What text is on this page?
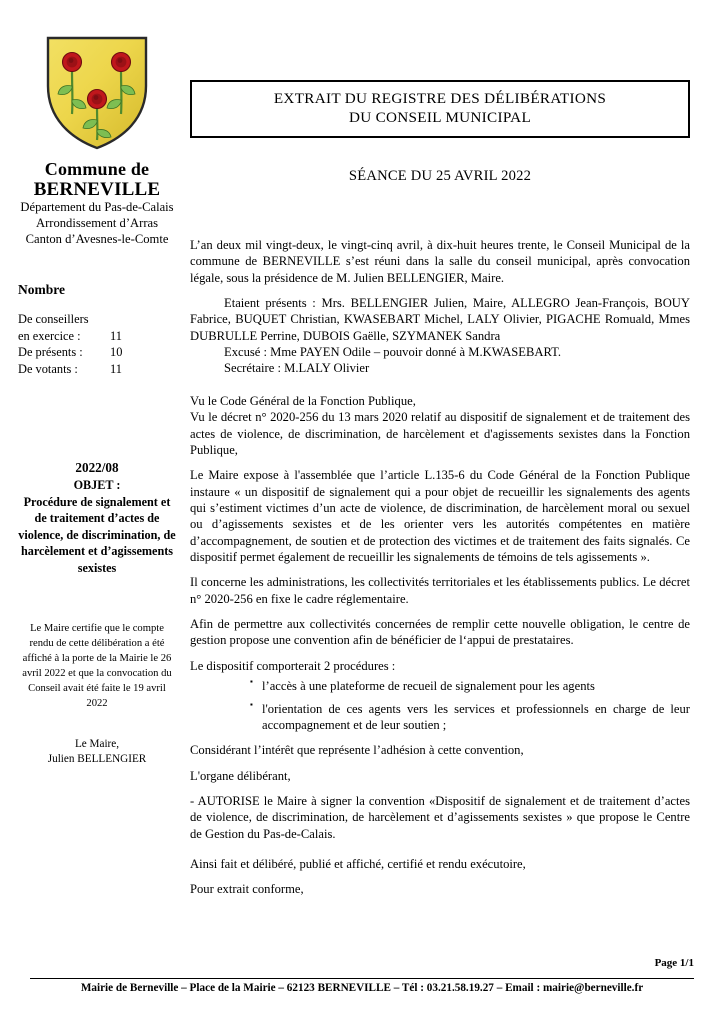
Commune de
BERNEVILLE
Département du Pas-de-Calais
Arrondissement d’Arras
Canton d’Avesnes-le-Comte
Nombre
De conseillers
en exercice :	11
De présents :	10
De votants :	11
2022/08
OBJET :
Procédure de signalement et de traitement d’actes de violence, de discrimination, de harcèlement et d’agissements sexistes
Le Maire certifie que le compte rendu de cette délibération a été affiché à la porte de la Mairie le 26 avril 2022 et que la convocation du Conseil avait été faite le 19 avril 2022
Le Maire,
Julien BELLENGIER
EXTRAIT DU REGISTRE DES DÉLIBÉRATIONS
DU CONSEIL MUNICIPAL
SÉANCE DU 25 AVRIL 2022

L’an deux mil vingt-deux, le vingt-cinq avril, à dix-huit heures trente, le Conseil Municipal de la commune de BERNEVILLE s’est réuni dans la salle du conseil municipal, après convocation légale, sous la présidence de M. Julien BELLENGIER, Maire.

Etaient présents : Mrs. BELLENGIER Julien, Maire, ALLEGRO Jean-François, BOUY Fabrice, BUQUET Christian, KWASEBART Michel, LALY Olivier, PIGACHE Romuald, Mmes DUBRULLE Perrine, DUBOIS Gaëlle, SZYMANEK Sandra

Excusé : Mme PAYEN Odile – pouvoir donné à M.KWASEBART.

Secrétaire : M.LALY Olivier

Vu le Code Général de la Fonction Publique,

Vu le décret n° 2020-256 du 13 mars 2020 relatif au dispositif de signalement et de traitement des actes de violence, de discrimination, de harcèlement et d'agissements sexistes dans la Fonction Publique,

Le Maire expose à l'assemblée que l’article L.135-6 du Code Général de la Fonction Publique instaure « un dispositif de signalement qui a pour objet de recueillir les signalements des agents qui s’estiment victimes d’un acte de violence, de discrimination, de harcèlement moral ou sexuel ou d’agissements sexistes et de les orienter vers les autorités compétentes en matière d’accompagnement, de soutien et de protection des victimes et de traitement des faits signalés. Ce dispositif permet également de recueillir les signalements de témoins de tels agissements ».

Il concerne les administrations, les collectivités territoriales et les établissements publics. Le décret n° 2020-256 en fixe le cadre réglementaire.

Afin de permettre aux collectivités concernées de remplir cette nouvelle obligation, le centre de gestion propose une convention afin de bénéficier de l‘appui de prestataires.

Le dispositif comporterait 2 procédures :

▪ l’accès à une plateforme de recueil de signalement pour les agents
▪ l'orientation de ces agents vers les services et professionnels en charge de leur accompagnement et de leur soutien ;

Considérant l’intérêt que représente l’adhésion à cette convention,

L'organe délibérant,

- AUTORISE le Maire à signer la convention «Dispositif de signalement et de traitement d’actes de violence, de discrimination, de harcèlement et d’agissements sexistes » que propose le Centre de Gestion du Pas-de-Calais.

Ainsi fait et délibéré, publié et affiché, certifié et rendu exécutoire,

Pour extrait conforme,

Page 1/1
Mairie de Berneville – Place de la Mairie – 62123 BERNEVILLE – Tél : 03.21.58.19.27 – Email : mairie@berneville.fr
